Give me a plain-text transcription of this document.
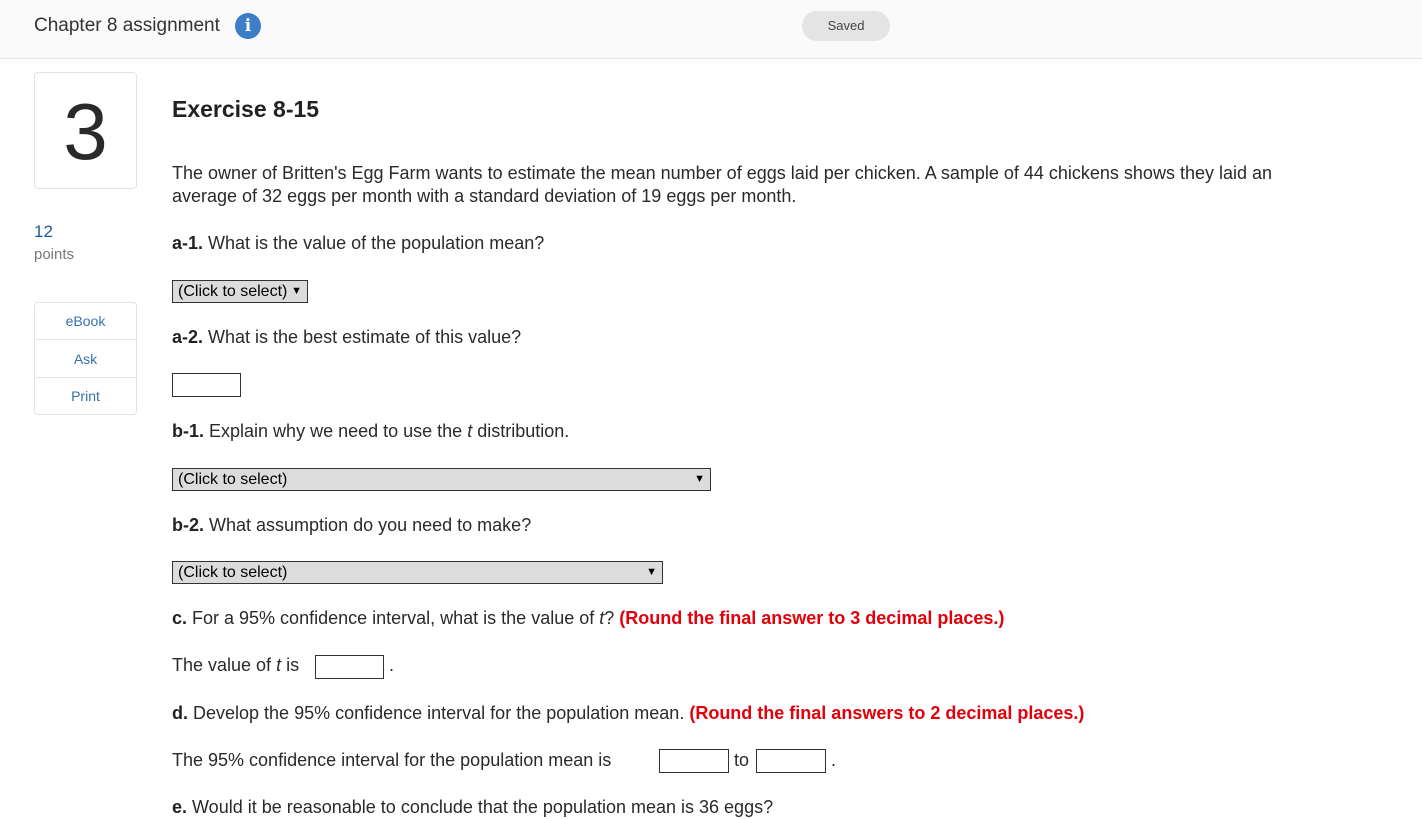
Chapter 8 assignment	i	Saved
3
12
points
eBook
Ask
Print
Exercise 8-15
The owner of Britten's Egg Farm wants to estimate the mean number of eggs laid per chicken. A sample of 44 chickens shows they laid an average of 32 eggs per month with a standard deviation of 19 eggs per month.
a-1. What is the value of the population mean?
(Click to select) ▼
a-2. What is the best estimate of this value?
b-1. Explain why we need to use the t distribution.
(Click to select)	▼
b-2. What assumption do you need to make?
(Click to select)	▼
c. For a 95% confidence interval, what is the value of t? (Round the final answer to 3 decimal places.)
The value of t is	.
d. Develop the 95% confidence interval for the population mean. (Round the final answers to 2 decimal places.)
The 95% confidence interval for the population mean is	to	.
e. Would it be reasonable to conclude that the population mean is 36 eggs?
